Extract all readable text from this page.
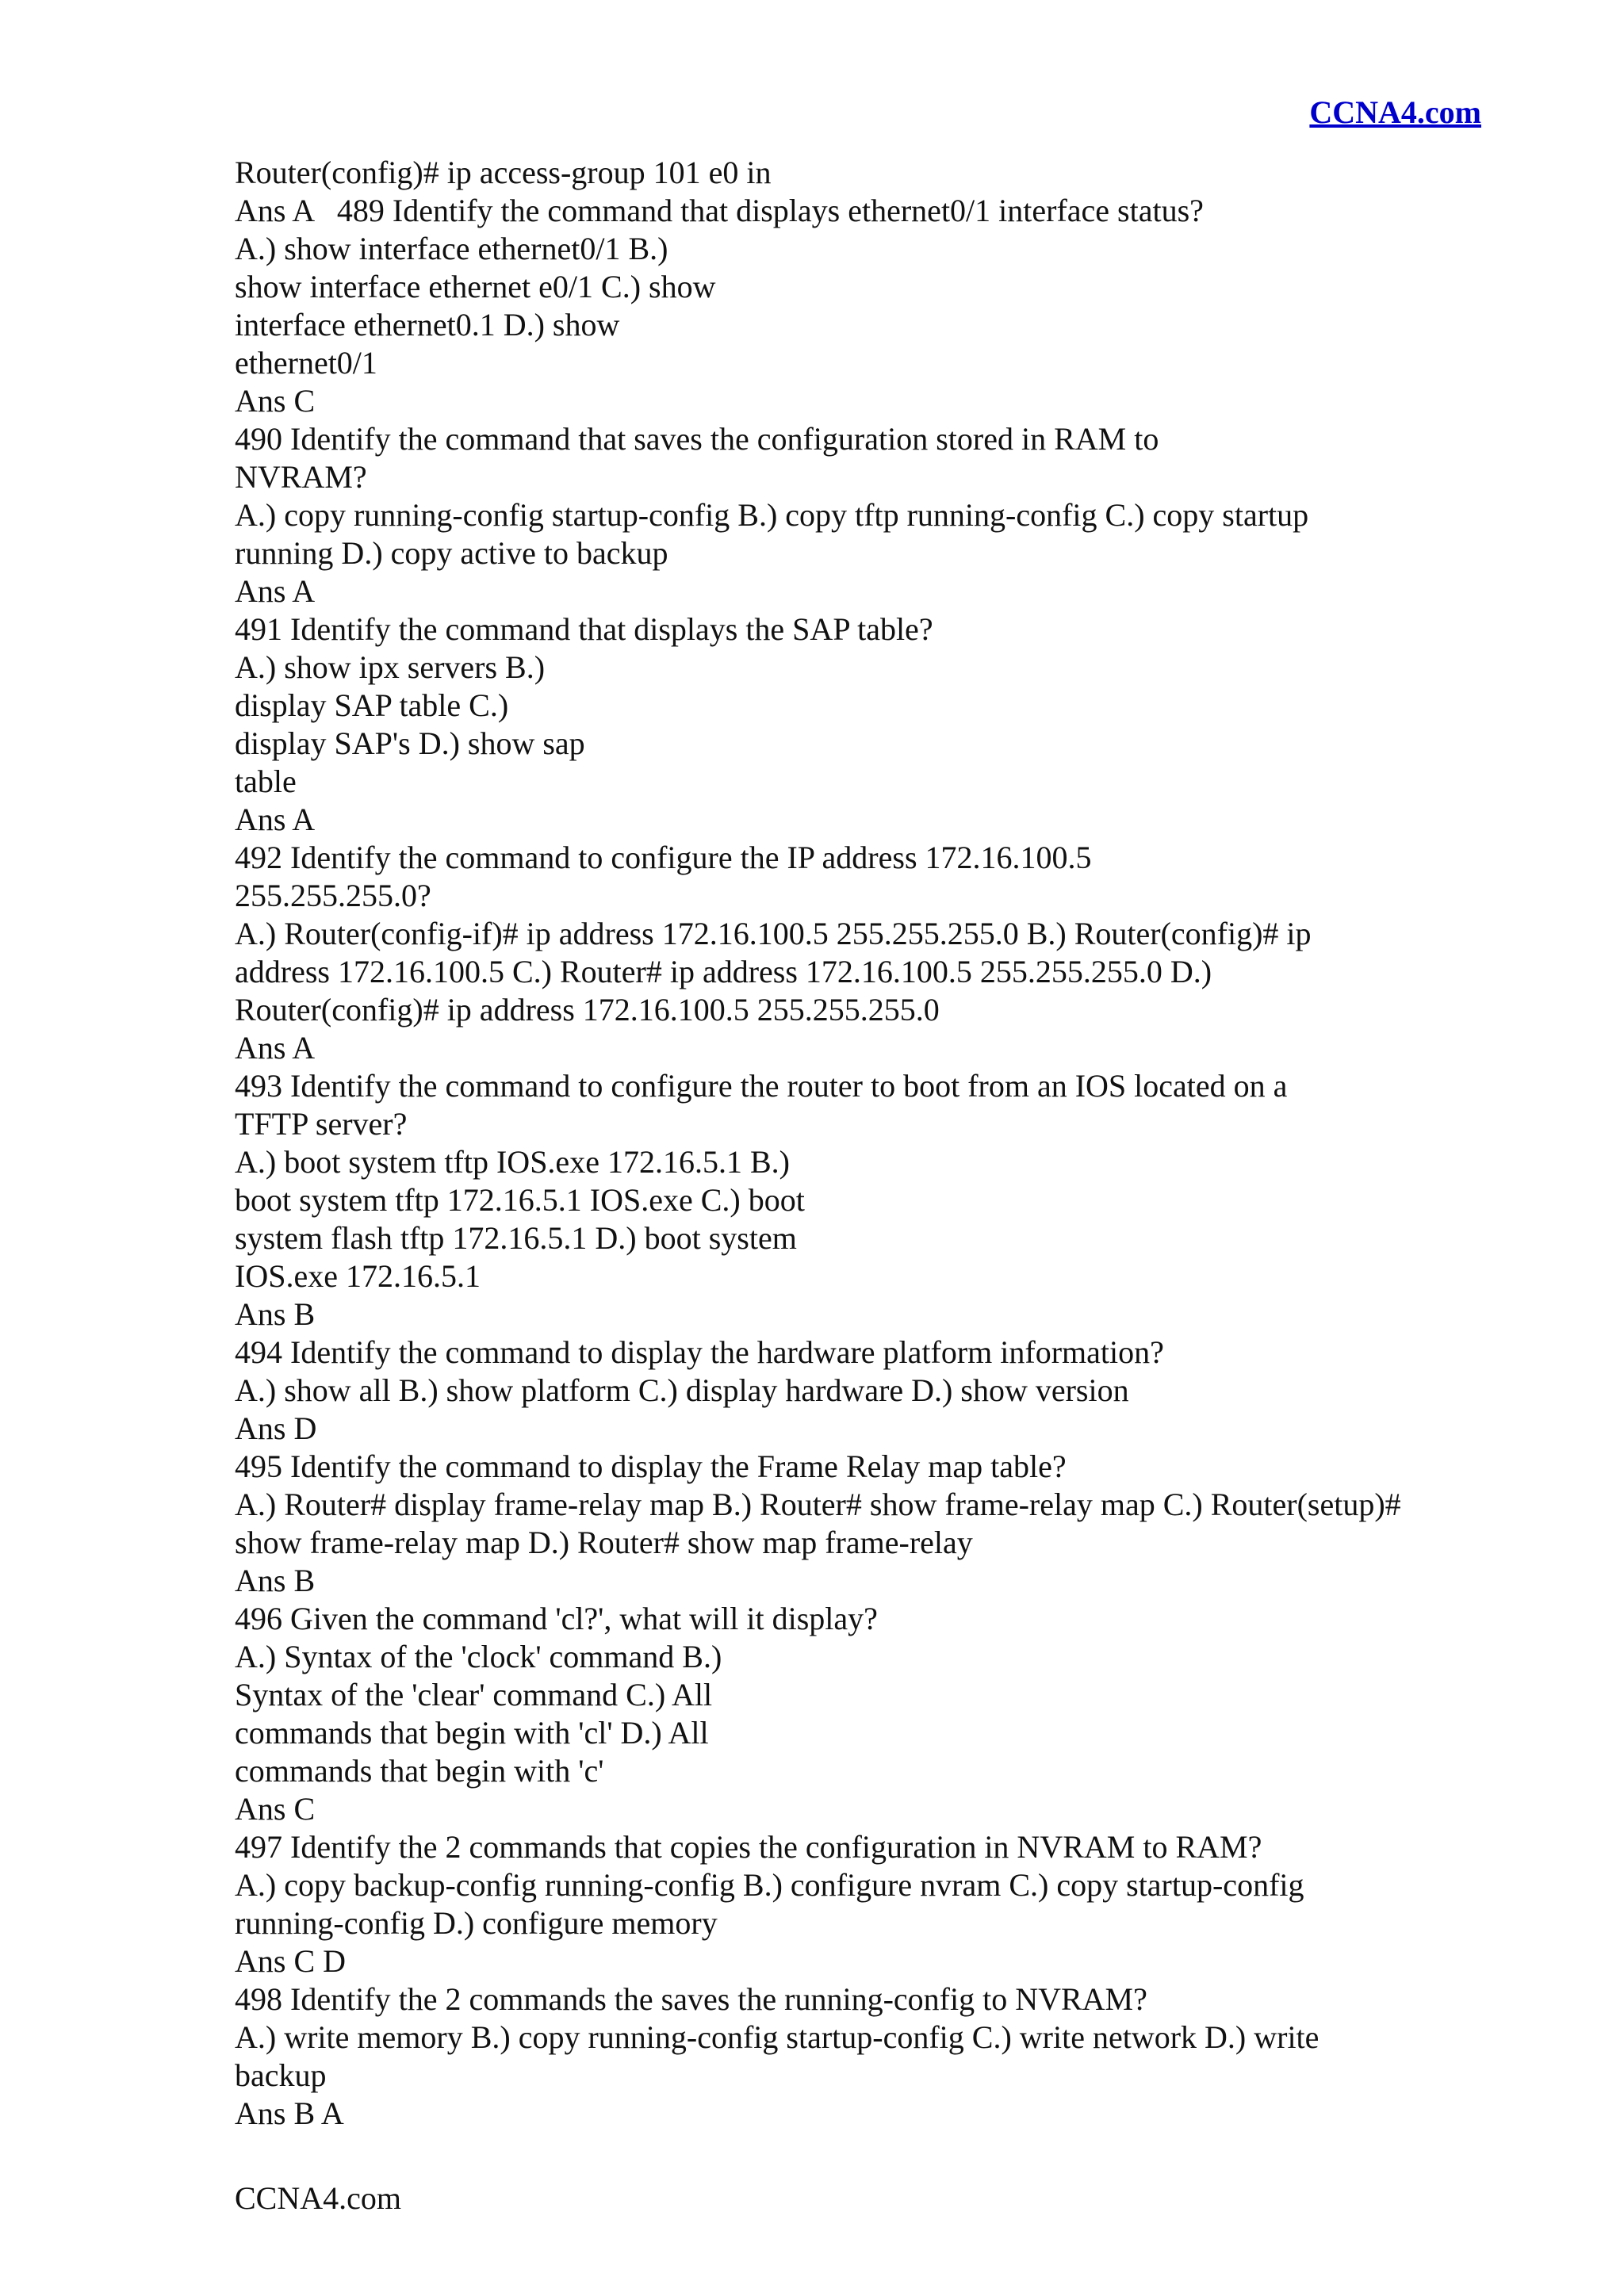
CCNA4.com
Router(config)# ip access-group 101 e0 in
Ans A   489 Identify the command that displays ethernet0/1 interface status?
A.) show interface ethernet0/1 B.)
show interface ethernet e0/1 C.) show
interface ethernet0.1 D.) show
ethernet0/1
Ans C
490 Identify the command that saves the configuration stored in RAM to
NVRAM?
A.) copy running-config startup-config B.) copy tftp running-config C.) copy startup
running D.) copy active to backup
Ans A
491 Identify the command that displays the SAP table?
A.) show ipx servers B.)
display SAP table C.)
display SAP's D.) show sap
table
Ans A
492 Identify the command to configure the IP address 172.16.100.5
255.255.255.0?
A.) Router(config-if)# ip address 172.16.100.5 255.255.255.0 B.) Router(config)# ip
address 172.16.100.5 C.) Router# ip address 172.16.100.5 255.255.255.0 D.)
Router(config)# ip address 172.16.100.5 255.255.255.0
Ans A
493 Identify the command to configure the router to boot from an IOS located on a
TFTP server?
A.) boot system tftp IOS.exe 172.16.5.1 B.)
boot system tftp 172.16.5.1 IOS.exe C.) boot
system flash tftp 172.16.5.1 D.) boot system
IOS.exe 172.16.5.1
Ans B
494 Identify the command to display the hardware platform information?
A.) show all B.) show platform C.) display hardware D.) show version
Ans D
495 Identify the command to display the Frame Relay map table?
A.) Router# display frame-relay map B.) Router# show frame-relay map C.) Router(setup)#
show frame-relay map D.) Router# show map frame-relay
Ans B
496 Given the command 'cl?', what will it display?
A.) Syntax of the 'clock' command B.)
Syntax of the 'clear' command C.) All
commands that begin with 'cl' D.) All
commands that begin with 'c'
Ans C
497 Identify the 2 commands that copies the configuration in NVRAM to RAM?
A.) copy backup-config running-config B.) configure nvram C.) copy startup-config
running-config D.) configure memory
Ans C D
498 Identify the 2 commands the saves the running-config to NVRAM?
A.) write memory B.) copy running-config startup-config C.) write network D.) write
backup
Ans B A
CCNA4.com
